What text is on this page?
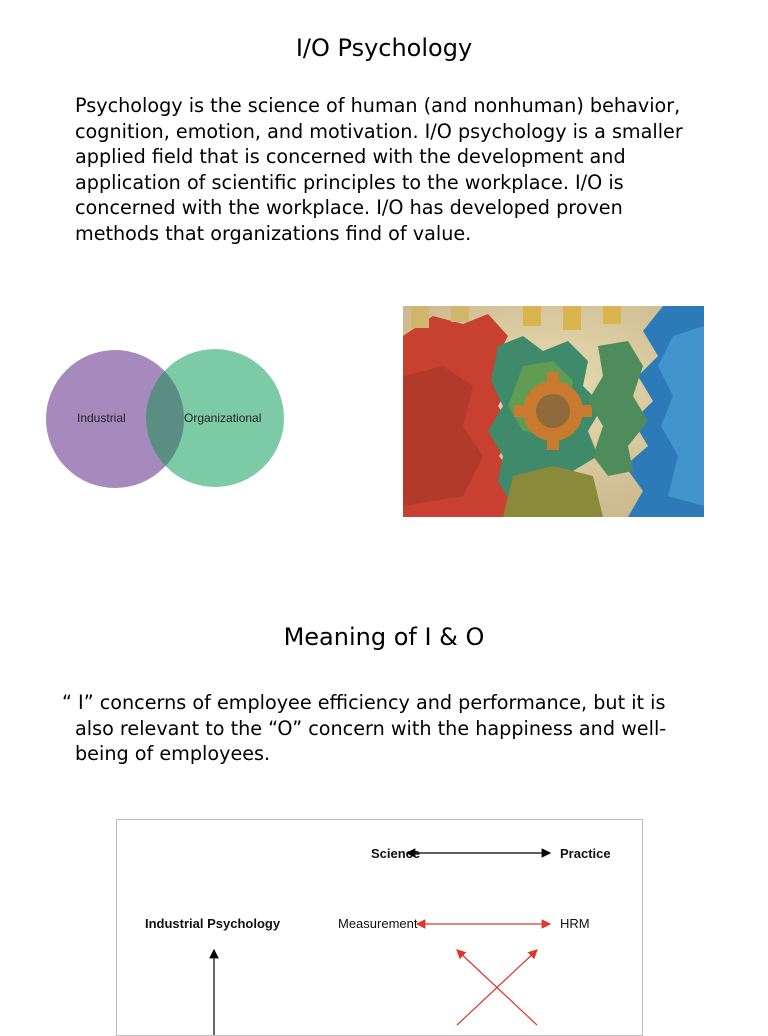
I/O Psychology

Psychology is the science of human (and nonhuman) behavior,

cognition, emotion, and motivation. I/O psychology is a smaller

applied field that is concerned with the development and

application of scientific principles to the workplace. I/O is

concerned with the workplace. I/O has developed proven

methods that organizations find of value.

Industrial	Organizational
Meaning of I & O

“ I” concerns of employee efficiency and performance, but it is

also relevant to the “O” concern with the happiness and well-

being of employees.

Science	Practice
Industrial Psychology	Measurement	HRM
